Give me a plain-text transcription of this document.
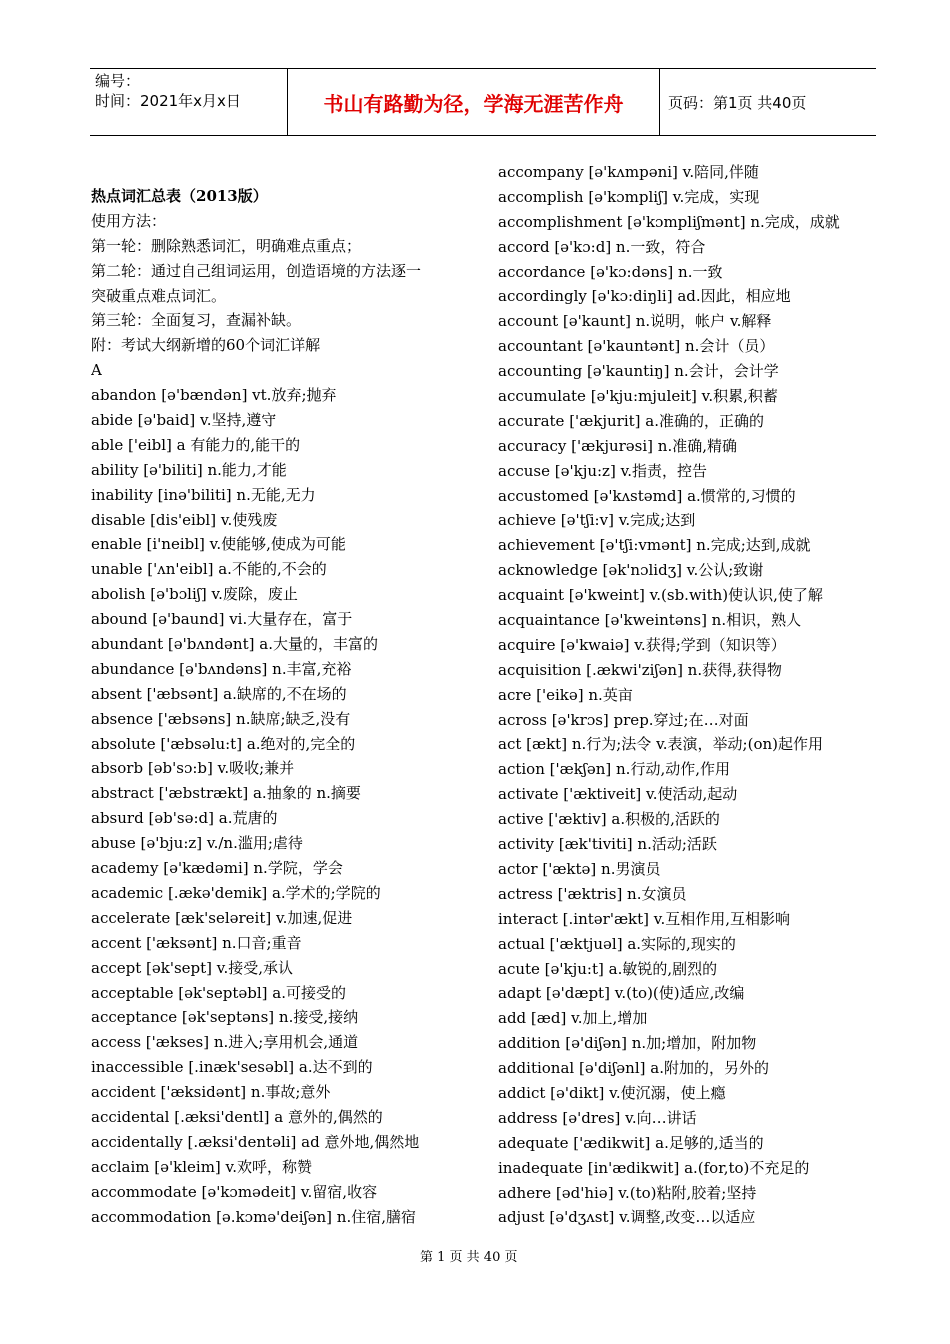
编号：
时间：2021年x月x日	书山有路勤为径，学海无涯苦作舟	页码：第1页 共40页
热点词汇总表（2013版）
使用方法：
第一轮：删除熟悉词汇，明确难点重点；
第二轮：通过自己组词运用，创造语境的方法逐一
突破重点难点词汇。
第三轮：全面复习，查漏补缺。
附：考试大纲新增的60个词汇详解
A
abandon [ə'bændən] vt.放弃;抛弃
abide [ə'baid] v.坚持,遵守
able ['eibl] a 有能力的,能干的
ability [ə'biliti] n.能力,才能
inability [inə'biliti] n.无能,无力
disable [dis'eibl] v.使残废
enable [i'neibl] v.使能够,使成为可能
unable ['ʌn'eibl] a.不能的,不会的
abolish [ə'bɔliʃ] v.废除，废止
abound [ə'baund] vi.大量存在，富于
abundant [ə'bʌndənt] a.大量的，丰富的
abundance [ə'bʌndəns] n.丰富,充裕
absent ['æbsənt] a.缺席的,不在场的
absence ['æbsəns] n.缺席;缺乏,没有
absolute ['æbsəlu:t] a.绝对的,完全的
absorb [əb'sɔ:b] v.吸收;兼并
abstract ['æbstrækt] a.抽象的 n.摘要
absurd [əb'sə:d] a.荒唐的
abuse [ə'bju:z] v./n.滥用;虐待
academy [ə'kædəmi] n.学院，学会
academic [.ækə'demik] a.学术的;学院的
accelerate [æk'seləreit] v.加速,促进
accent ['æksənt] n.口音;重音
accept [ək'sept] v.接受,承认
acceptable [ək'septəbl] a.可接受的
acceptance [ək'septəns] n.接受,接纳
access ['ækses] n.进入;享用机会,通道
inaccessible [.inæk'sesəbl] a.达不到的
accident ['æksidənt] n.事故;意外
accidental [.æksi'dentl] a 意外的,偶然的
accidentally [.æksi'dentəli] ad 意外地,偶然地
acclaim [ə'kleim] v.欢呼，称赞
accommodate [ə'kɔmədeit] v.留宿,收容
accommodation [ə.kɔmə'deiʃən] n.住宿,膳宿
accompany [ə'kʌmpəni] v.陪同,伴随
accomplish [ə'kɔmpliʃ] v.完成，实现
accomplishment [ə'kɔmpliʃmənt] n.完成，成就
accord [ə'kɔ:d] n.一致，符合
accordance [ə'kɔ:dəns] n.一致
accordingly [ə'kɔ:diŋli] ad.因此，相应地
account [ə'kaunt] n.说明，帐户 v.解释
accountant [ə'kauntənt] n.会计（员）
accounting [ə'kauntiŋ] n.会计，会计学
accumulate [ə'kju:mjuleit] v.积累,积蓄
accurate ['ækjurit] a.准确的，正确的
accuracy ['ækjurəsi] n.准确,精确
accuse [ə'kju:z] v.指责，控告
accustomed [ə'kʌstəmd] a.惯常的,习惯的
achieve [ə'tʃi:v] v.完成;达到
achievement [ə'tʃi:vmənt] n.完成;达到,成就
acknowledge [ək'nɔlidʒ] v.公认;致谢
acquaint [ə'kweint] v.(sb.with)使认识,使了解
acquaintance [ə'kweintəns] n.相识，熟人
acquire [ə'kwaiə] v.获得;学到（知识等）
acquisition [.ækwi'ziʃən] n.获得,获得物
acre ['eikə] n.英亩
across [ə'krɔs] prep.穿过;在…对面
act [ækt] n.行为;法令 v.表演，举动;(on)起作用
action ['ækʃən] n.行动,动作,作用
activate ['æktiveit] v.使活动,起动
active ['æktiv] a.积极的,活跃的
activity [æk'tiviti] n.活动;活跃
actor ['æktə] n.男演员
actress ['æktris] n.女演员
interact [.intər'ækt] v.互相作用,互相影响
actual ['æktjuəl] a.实际的,现实的
acute [ə'kju:t] a.敏锐的,剧烈的
adapt [ə'dæpt] v.(to)(使)适应,改编
add [æd] v.加上,增加
addition [ə'diʃən] n.加;增加，附加物
additional [ə'diʃənl] a.附加的，另外的
addict [ə'dikt] v.使沉溺，使上瘾
address [ə'dres] v.向…讲话
adequate ['ædikwit] a.足够的,适当的
inadequate [in'ædikwit] a.(for,to)不充足的
adhere [əd'hiə] v.(to)粘附,胶着;坚持
adjust [ə'dʒʌst] v.调整,改变…以适应
第 1 页 共 40 页
